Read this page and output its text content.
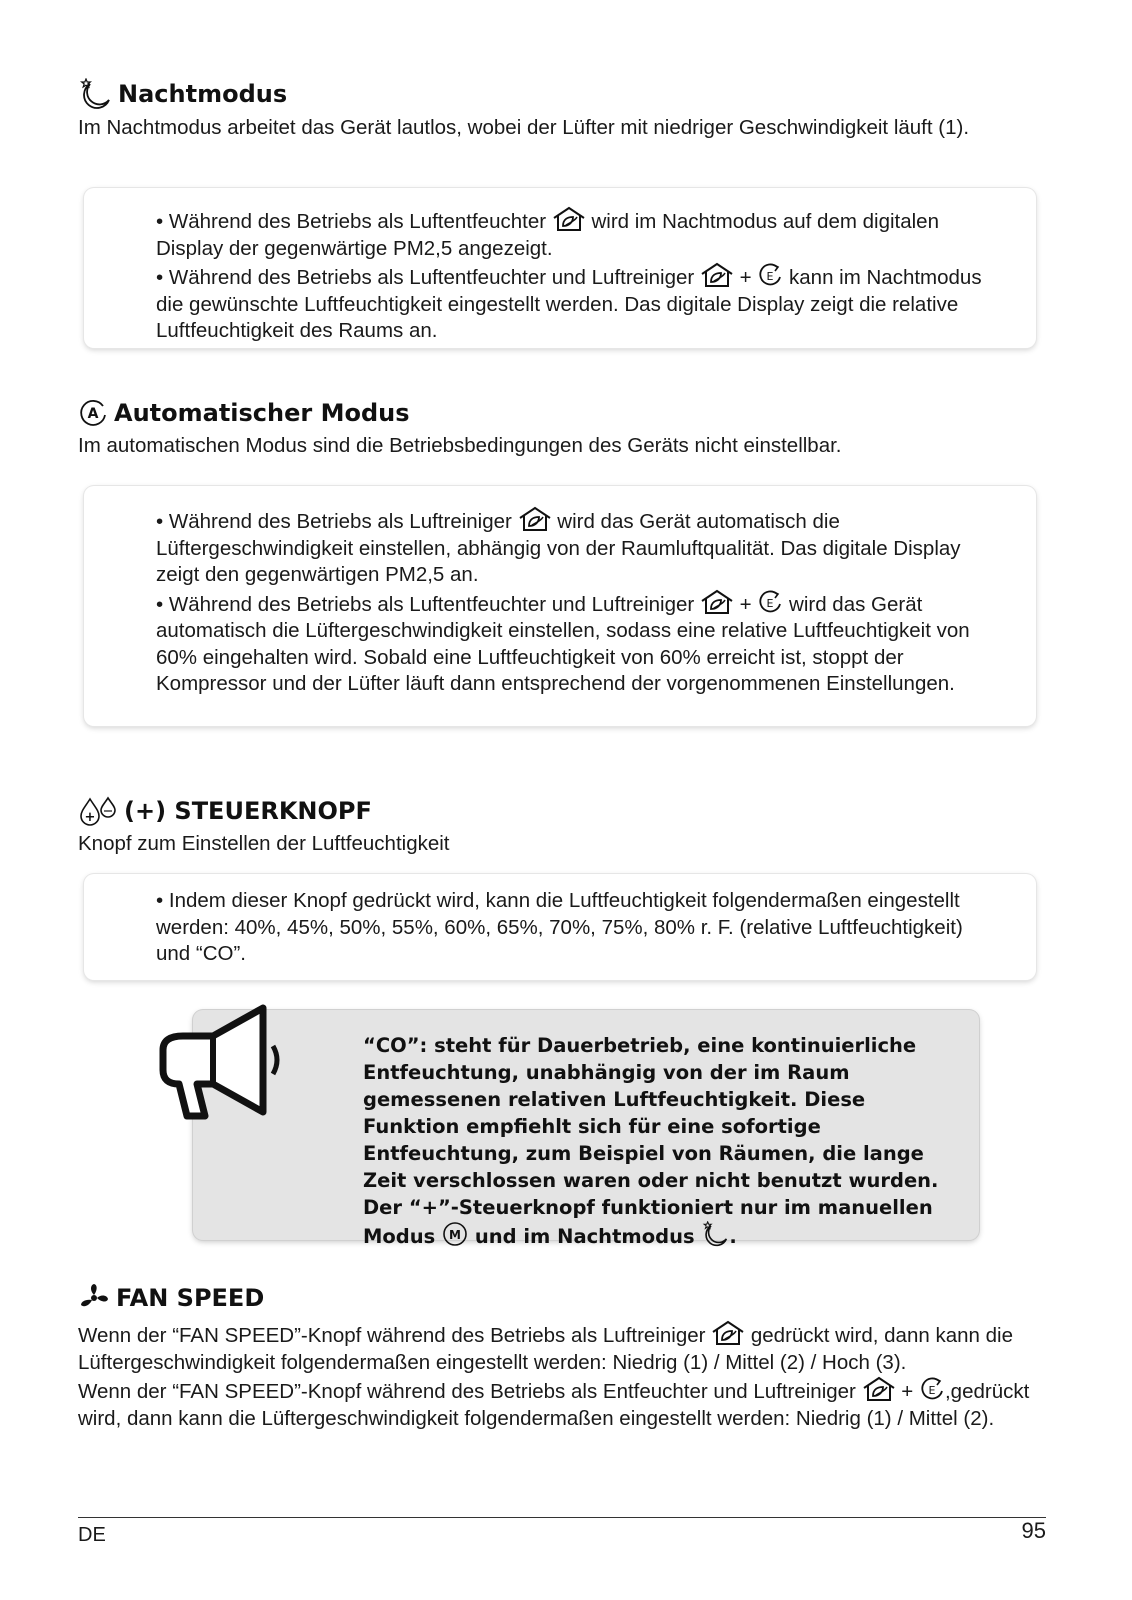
Nachtmodus
Im Nachtmodus arbeitet das Gerät lautlos, wobei der Lüfter mit niedriger Geschwindigkeit läuft (1).

• Während des Betriebs als Luftentfeuchter wird im Nachtmodus auf dem digitalen Display der gegenwärtige PM2,5 angezeigt.

• Während des Betriebs als Luftentfeuchter und Luftreiniger + kann im Nachtmodus die gewünschte Luftfeuchtigkeit eingestellt werden. Das digitale Display zeigt die relative Luftfeuchtigkeit des Raums an.

A Automatischer Modus
Im automatischen Modus sind die Betriebsbedingungen des Geräts nicht einstellbar.

• Während des Betriebs als Luftreiniger wird das Gerät automatisch die Lüftergeschwindigkeit einstellen, abhängig von der Raumluftqualität. Das digitale Display zeigt den gegenwärtigen PM2,5 an.

• Während des Betriebs als Luftentfeuchter und Luftreiniger + wird das Gerät automatisch die Lüftergeschwindigkeit einstellen, sodass eine relative Luftfeuchtigkeit von 60% eingehalten wird. Sobald eine Luftfeuchtigkeit von 60% erreicht ist, stoppt der Kompressor und der Lüfter läuft dann entsprechend der vorgenommenen Einstellungen.

+ (+) STEUERKNOPF
Knopf zum Einstellen der Luftfeuchtigkeit

• Indem dieser Knopf gedrückt wird, kann die Luftfeuchtigkeit folgendermaßen eingestellt werden: 40%, 45%, 50%, 55%, 60%, 65%, 70%, 75%, 80% r. F. (relative Luftfeuchtigkeit) und “CO”.

“CO”: steht für Dauerbetrieb, eine kontinuierliche Entfeuchtung, unabhängig von der im Raum gemessenen relativen Luftfeuchtigkeit. Diese Funktion empfiehlt sich für eine sofortige Entfeuchtung, zum Beispiel von Räumen, die lange Zeit verschlossen waren oder nicht benutzt wurden. Der “+”-Steuerknopf funktioniert nur im manuellen Modus M und im Nachtmodus .
FAN SPEED
Wenn der “FAN SPEED”-Knopf während des Betriebs als Luftreiniger gedrückt wird, dann kann die Lüftergeschwindigkeit folgendermaßen eingestellt werden: Niedrig (1) / Mittel (2) / Hoch (3).
Wenn der “FAN SPEED”-Knopf während des Betriebs als Entfeuchter und Luftreiniger + ,gedrückt wird, dann kann die Lüftergeschwindigkeit folgendermaßen eingestellt werden: Niedrig (1) / Mittel (2).
DE	95
